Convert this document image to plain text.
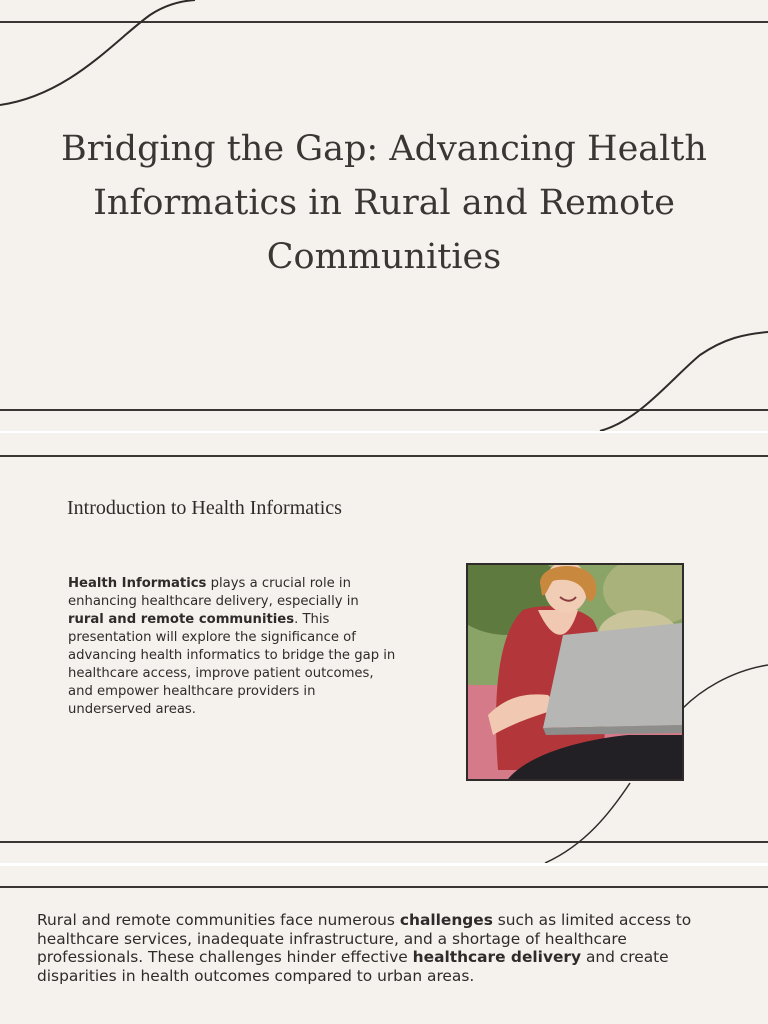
Bridging the Gap: Advancing Health Informatics in Rural and Remote Communities
Introduction to Health Informatics

Health Informatics plays a crucial role in enhancing healthcare delivery, especially in rural and remote communities. This presentation will explore the significance of advancing health informatics to bridge the gap in healthcare access, improve patient outcomes, and empower healthcare providers in underserved areas.

Rural and remote communities face numerous challenges such as limited access to healthcare services, inadequate infrastructure, and a shortage of healthcare professionals. These challenges hinder effective healthcare delivery and create disparities in health outcomes compared to urban areas.
